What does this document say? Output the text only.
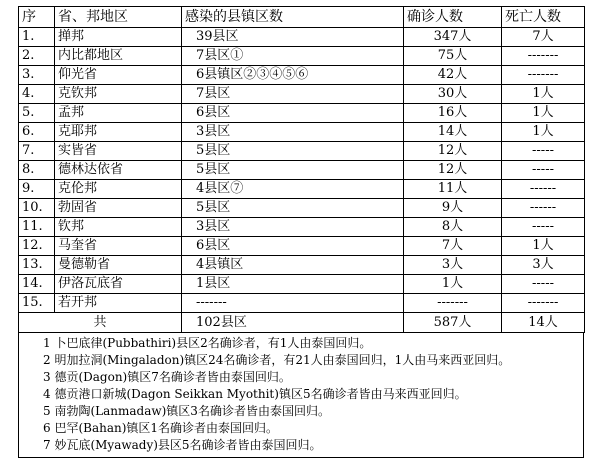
序	省、邦地区	感染的县镇区数	确诊人数	死亡人数
1.	掸邦	39县区	347人	7人
2.	内比都地区	7县区①	75人	-------
3.	仰光省	6县镇区②③④⑤⑥	42人	-------
4.	克钦邦	7县区	30人	1人
5.	孟邦	6县区	16人	1人
6.	克耶邦	3县区	14人	1人
7.	实皆省	5县区	12人	-----
8.	德林达依省	5县区	12人	-----
9.	克伦邦	4县区⑦	11人	------
10.	勃固省	5县区	9人	------
11.	钦邦	3县区	8人	-----
12.	马奎省	6县区	7人	1人
13.	曼德勒省	4县镇区	3人	3人
14.	伊洛瓦底省	1县区	1人	-----
15.	若开邦	-------	-------	-------
共		102县区	587人	14人
1 卜巴底律(Pubbathiri)县区2名确诊者，有1人由泰国回归。
2 明加拉洞(Mingaladon)镇区24名确诊者，有21人由泰国回归，1人由马来西亚回归。
3 德贡(Dagon)镇区7名确诊者皆由泰国回归。
4 德贡港口新城(Dagon Seikkan Myothit)镇区5名确诊者皆由马来西亚回归。
5 南勃陶(Lanmadaw)镇区3名确诊者皆由泰国回归。
6 巴罕(Bahan)镇区1名确诊者由泰国回归。
7 妙瓦底(Myawady)县区5名确诊者皆由泰国回归。
